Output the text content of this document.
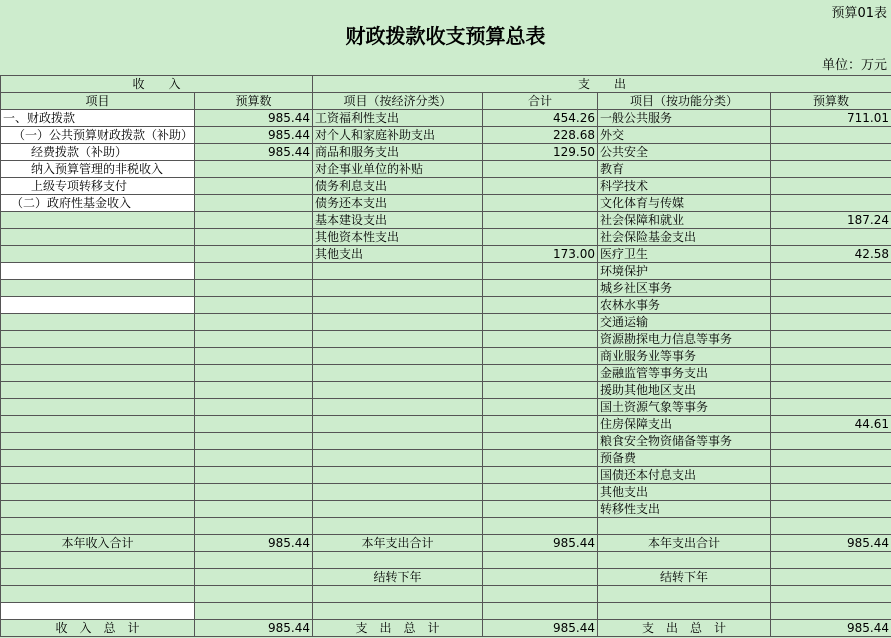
预算01表
财政拨款收支预算总表
单位：万元
收　　入		支　　出			
项目	预算数	项目（按经济分类）	合计	项目（按功能分类）	预算数
一、财政拨款	985.44	工资福利性支出	454.26	一般公共服务	711.01
（一）公共预算财政拨款（补助）	985.44	对个人和家庭补助支出	228.68	外交	
经费拨款（补助）	985.44	商品和服务支出	129.50	公共安全	
纳入预算管理的非税收入		对企事业单位的补贴		教育	
上级专项转移支付		债务利息支出		科学技术	
（二）政府性基金收入		债务还本支出		文化体育与传媒	
		基本建设支出		社会保障和就业	187.24
		其他资本性支出		社会保险基金支出	
		其他支出	173.00	医疗卫生	42.58
				环境保护	
				城乡社区事务	
				农林水事务	
				交通运输	
				资源勘探电力信息等事务	
				商业服务业等事务	
				金融监管等事务支出	
				援助其他地区支出	
				国土资源气象等事务	
				住房保障支出	44.61
				粮食安全物资储备等事务	
				预备费	
				国债还本付息支出	
				其他支出	
				转移性支出	

本年收入合计	985.44	本年支出合计	985.44	本年支出合计	985.44

		结转下年		结转下年	

收　入　总　计	985.44	支　出　总　计	985.44	支　出　总　计	985.44
